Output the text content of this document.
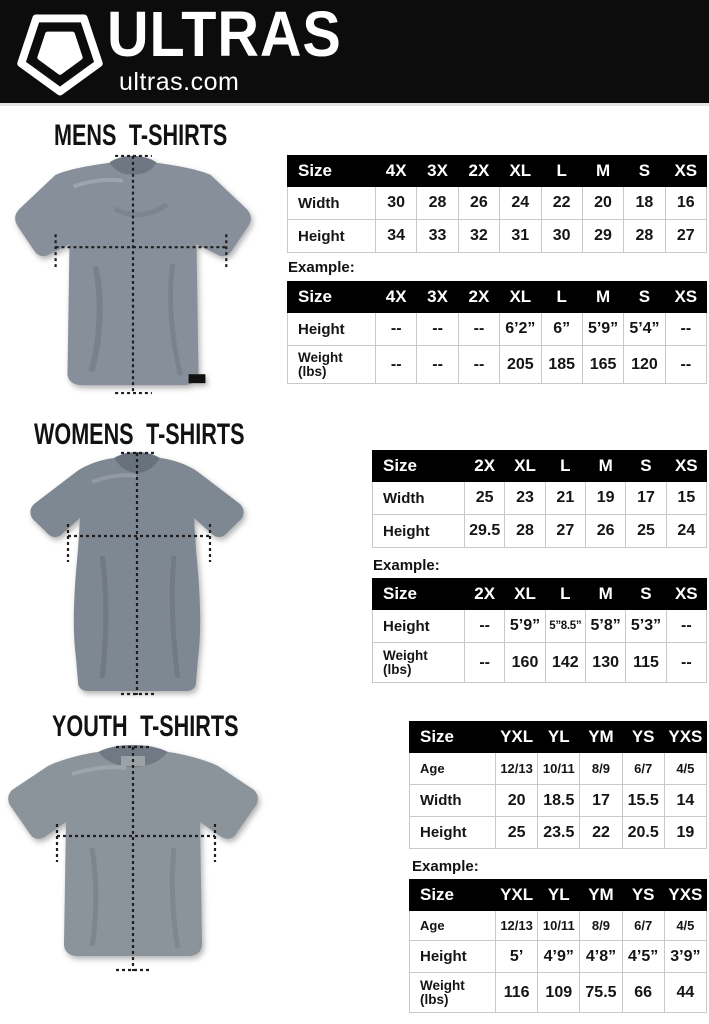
ULTRAS
ultras.com
MENS T-SHIRTS
Size	4X	3X	2X	XL	L	M	S	XS

Width	30	28	26	24	22	20	18	16

Height	34	33	32	31	30	29	28	27
Example:
Size	4X	3X	2X	XL	L	M	S	XS

Height	--	--	--	6’2”	6”	5’9”	5’4”	--

Weight
(lbs)	--	--	--	205	185	165	120	--
WOMENS T-SHIRTS
Size	2X	XL	L	M	S	XS

Width	25	23	21	19	17	15

Height	29.5	28	27	26	25	24
Example:
Size	2X	XL	L	M	S	XS

Height	--	5’9”	5”8.5”	5’8”	5’3”	--

Weight
(lbs)	--	160	142	130	115	--
YOUTH T-SHIRTS	Size	YXL	YL	YM	YS	YXS

Age	12/13	10/11	8/9	6/7	4/5

Width	20	18.5	17	15.5	14

Height	25	23.5	22	20.5	19
Example:
Size	YXL	YL	YM	YS	YXS

Age	12/13	10/11	8/9	6/7	4/5

Height	5’	4’9”	4’8”	4’5”	3’9”

Weight
(lbs)	116	109	75.5	66	44
